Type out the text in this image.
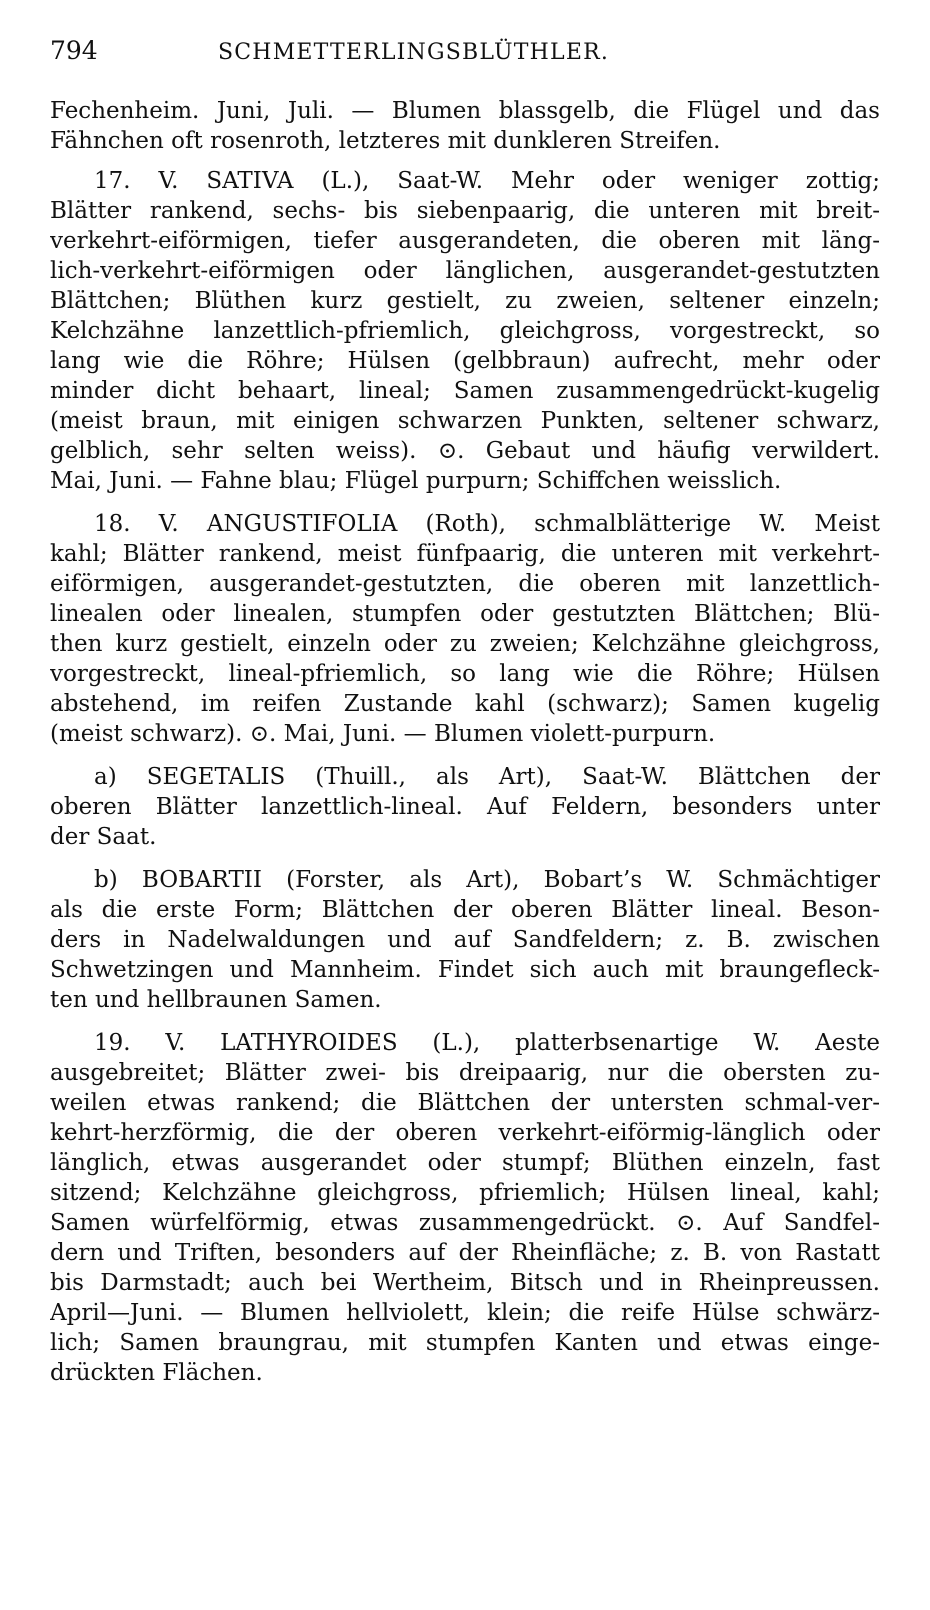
794	SCHMETTERLINGSBLÜTHLER.
Fechenheim. Juni, Juli. — Blumen blassgelb, die Flügel und das
Fähnchen oft rosenroth, letzteres mit dunkleren Streifen.
17. V. SATIVA (L.), Saat-W. Mehr oder weniger zottig;
Blätter rankend, sechs- bis siebenpaarig, die unteren mit breit-
verkehrt-eiförmigen, tiefer ausgerandeten, die oberen mit läng-
lich-verkehrt-eiförmigen oder länglichen, ausgerandet-gestutzten
Blättchen; Blüthen kurz gestielt, zu zweien, seltener einzeln;
Kelchzähne lanzettlich-pfriemlich, gleichgross, vorgestreckt, so
lang wie die Röhre; Hülsen (gelbbraun) aufrecht, mehr oder
minder dicht behaart, lineal; Samen zusammengedrückt-kugelig
(meist braun, mit einigen schwarzen Punkten, seltener schwarz,
gelblich, sehr selten weiss). ⊙. Gebaut und häufig verwildert.
Mai, Juni. — Fahne blau; Flügel purpurn; Schiffchen weisslich.
18. V. ANGUSTIFOLIA (Roth), schmalblätterige W. Meist
kahl; Blätter rankend, meist fünfpaarig, die unteren mit verkehrt-
eiförmigen, ausgerandet-gestutzten, die oberen mit lanzettlich-
linealen oder linealen, stumpfen oder gestutzten Blättchen; Blü-
then kurz gestielt, einzeln oder zu zweien; Kelchzähne gleichgross,
vorgestreckt, lineal-pfriemlich, so lang wie die Röhre; Hülsen
abstehend, im reifen Zustande kahl (schwarz); Samen kugelig
(meist schwarz). ⊙. Mai, Juni. — Blumen violett-purpurn.
a) SEGETALIS (Thuill., als Art), Saat-W. Blättchen der
oberen Blätter lanzettlich-lineal. Auf Feldern, besonders unter
der Saat.
b) BOBARTII (Forster, als Art), Bobart’s W. Schmächtiger
als die erste Form; Blättchen der oberen Blätter lineal. Beson-
ders in Nadelwaldungen und auf Sandfeldern; z. B. zwischen
Schwetzingen und Mannheim. Findet sich auch mit braungefleck-
ten und hellbraunen Samen.
19. V. LATHYROIDES (L.), platterbsenartige W. Aeste
ausgebreitet; Blätter zwei- bis dreipaarig, nur die obersten zu-
weilen etwas rankend; die Blättchen der untersten schmal-ver-
kehrt-herzförmig, die der oberen verkehrt-eiförmig-länglich oder
länglich, etwas ausgerandet oder stumpf; Blüthen einzeln, fast
sitzend; Kelchzähne gleichgross, pfriemlich; Hülsen lineal, kahl;
Samen würfelförmig, etwas zusammengedrückt. ⊙. Auf Sandfel-
dern und Triften, besonders auf der Rheinfläche; z. B. von Rastatt
bis Darmstadt; auch bei Wertheim, Bitsch und in Rheinpreussen.
April—Juni. — Blumen hellviolett, klein; die reife Hülse schwärz-
lich; Samen braungrau, mit stumpfen Kanten und etwas einge-
drückten Flächen.
